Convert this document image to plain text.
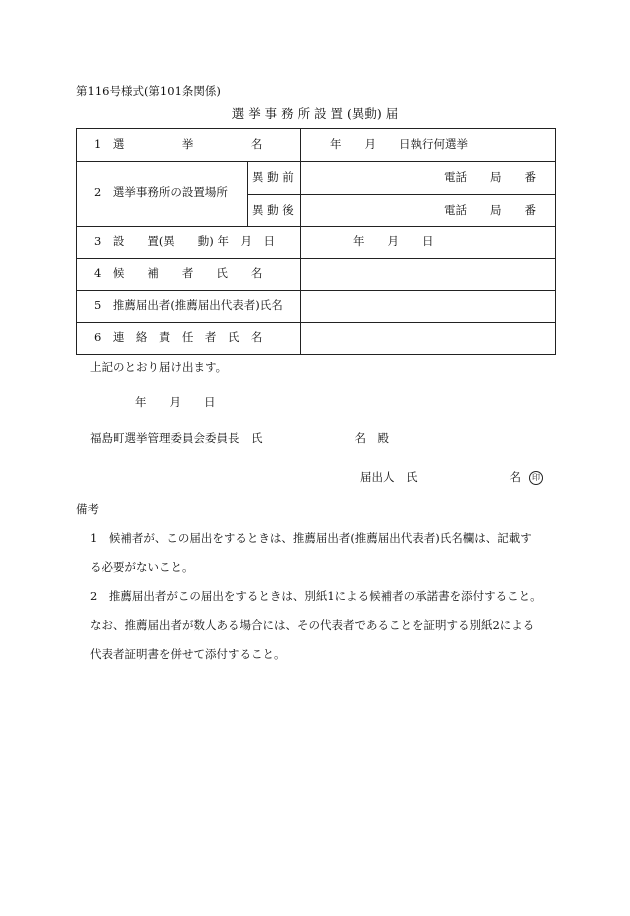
第116号様式(第101条関係)
選 挙 事 務 所 設 置 (異動) 届
1　選　　　　　挙　　　　　名	年　　月　　日執行何選挙
2　選挙事務所の設置場所
異 動 前
異 動 後
電話　　局　　番
電話　　局　　番
3　設　　置(異　　動) 年　月　日	年　　月　　日
4　候　　補　　者　　氏　　名
5　推薦届出者(推薦届出代表者)氏名
6　連　絡　責　任　者　氏　名
上記のとおり届け出ます。
年　　月　　日
福島町選挙管理委員会委員長　氏　　　　　　　　名　殿
届出人　氏　　　　　　　　名 印
備考
1　候補者が、この届出をするときは、推薦届出者(推薦届出代表者)氏名欄は、記載す
る必要がないこと。
2　推薦届出者がこの届出をするときは、別紙1による候補者の承諾書を添付すること。
なお、推薦届出者が数人ある場合には、その代表者であることを証明する別紙2による
代表者証明書を併せて添付すること。
